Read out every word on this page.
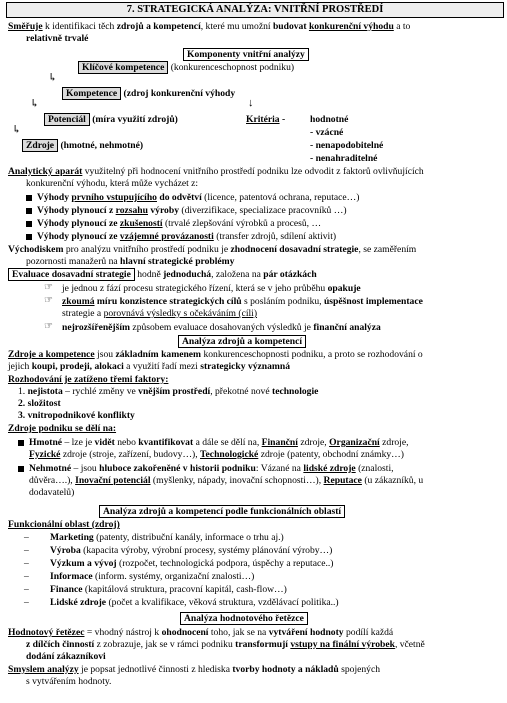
7. STRATEGICKÁ ANALÝZA: VNITŘNÍ PROSTŘEDÍ
Směřuje k identifikaci těch zdrojů a kompetencí, které mu umožní budovat konkurenční výhodu a to
relativně trvalé
Komponenty vnitřní analýzy
Klíčové kompetence (konkurenceschopnost podniku)
↳
Kompetence (zdroj konkurenční výhody
↓
↳
Potenciál (míra využití zdrojů)	Kritéria -	hodnotné
- vzácné
↳
- nenapodobitelné
Zdroje (hmotné, nehmotné)
- nenahraditelné
Analytický aparát využitelný při hodnocení vnitřního prostředí podniku lze odvodit z faktorů ovlivňujících
konkurenční výhodu, která může vycházet z:
Výhody prvního vstupujícího do odvětví (licence, patentová ochrana, reputace…)
Výhody plynoucí z rozsahu výroby (diverzifikace, specializace pracovníků …)
Výhody plynoucí ze zkušeností (trvalé zlepšování výrobků a procesů, …
Výhody plynoucí ze vzájemné provázanosti (transfer zdrojů, sdílení aktivit)
Východiskem pro analýzu vnitřního prostředí podniku je zhodnocení dosavadní strategie, se zaměřením
pozornosti manažerů na hlavní strategické problémy
Evaluace dosavadní strategie hodně jednoduchá, založena na pár otázkách
☞ je jednou z fází procesu strategického řízení, která se v jeho průběhu opakuje
☞ zkoumá míru konzistence strategických cílů s posláním podniku, úspěšnost implementace
strategie a porovnává výsledky s očekáváním (cíli)
☞ nejrozšířenějším způsobem evaluace dosahovaných výsledků je finanční analýza
Analýza zdrojů a kompetencí
Zdroje a kompetence jsou základním kamenem konkurenceschopnosti podniku, a proto se rozhodování o
jejich koupi, prodeji, alokaci a využití řadí mezi strategicky významná
Rozhodování je zatíženo třemi faktory:
1. nejistota – rychlé změny ve vnějším prostředí, překotné nové technologie
2. složitost
3. vnitropodnikové konflikty
Zdroje podniku se dělí na:
Hmotné – lze je vidět nebo kvantifikovat a dále se dělí na, Finanční zdroje, Organizační zdroje,
Fyzické zdroje (stroje, zařízení, budovy…), Technologické zdroje (patenty, obchodní známky…)
Nehmotné – jsou hluboce zakořeněné v historii podniku: Vázané na lidské zdroje (znalosti,
důvěra….), Inovační potenciál (myšlenky, nápady, inovační schopnosti…), Reputace (u zákazníků, u
dodavatelů)
Analýza zdrojů a kompetencí podle funkcionálních oblastí
Funkcionální oblast (zdroj)
– Marketing (patenty, distribuční kanály, informace o trhu aj.)
– Výroba (kapacita výroby, výrobní procesy, systémy plánování výroby…)
– Výzkum a vývoj (rozpočet, technologická podpora, úspěchy a reputace..)
– Informace (inform. systémy, organizační znalosti…)
– Finance (kapitálová struktura, pracovní kapitál, cash-flow…)
– Lidské zdroje (počet a kvalifikace, věková struktura, vzdělávací politika..)
Analýza hodnotového řetězce
Hodnotový řetězec = vhodný nástroj k ohodnocení toho, jak se na vytváření hodnoty podílí každá
z dílčích činností z zobrazuje, jak se v rámci podniku transformují vstupy na finální výrobek, včetně
dodání zákazníkovi
Smyslem analýzy je popsat jednotlivé činnosti z hlediska tvorby hodnoty a nákladů spojených
s vytvářením hodnoty.
